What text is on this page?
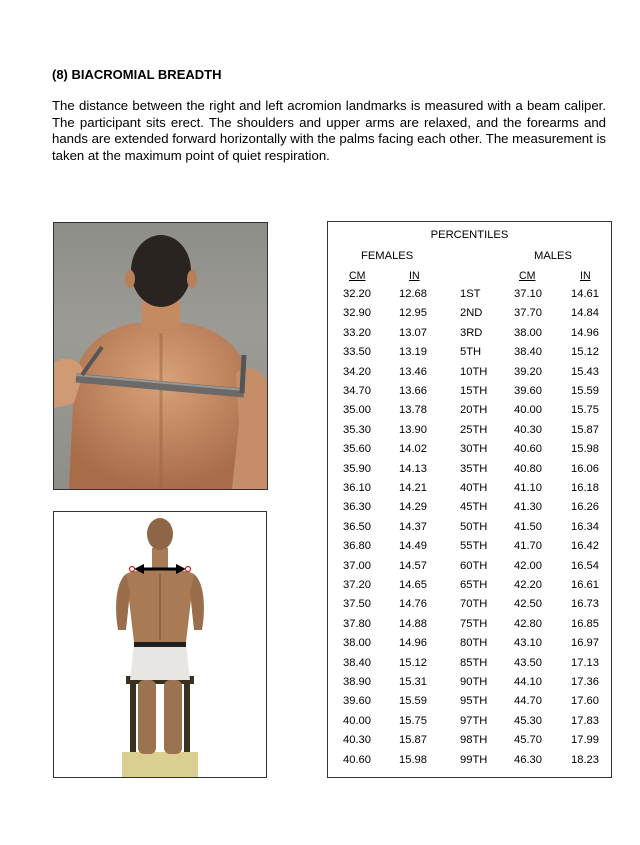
(8) BIACROMIAL BREADTH
The distance between the right and left acromion landmarks is measured with a beam caliper. The participant sits erect. The shoulders and upper arms are relaxed, and the forearms and hands are extended forward horizontally with the palms facing each other. The measurement is taken at the maximum point of quiet respiration.
PERCENTILES
FEMALES	MALES
CM	IN	CM	IN
32.20	12.68	1ST	37.10	14.61
32.90	12.95	2ND	37.70	14.84
33.20	13.07	3RD	38.00	14.96
33.50	13.19	5TH	38.40	15.12
34.20	13.46	10TH 39.20	15.43
34.70	13.66	15TH 39.60	15.59
35.00	13.78	20TH 40.00	15.75
35.30	13.90	25TH 40.30	15.87
35.60	14.02	30TH 40.60	15.98
35.90	14.13	35TH 40.80	16.06
36.10	14.21	40TH 41.10	16.18
36.30	14.29	45TH 41.30	16.26
36.50	14.37	50TH 41.50	16.34
36.80	14.49	55TH 41.70	16.42
37.00	14.57	60TH 42.00	16.54
37.20	14.65	65TH 42.20	16.61
37.50	14.76	70TH 42.50	16.73
37.80	14.88	75TH 42.80	16.85
38.00	14.96	80TH 43.10	16.97
38.40	15.12	85TH 43.50	17.13
38.90	15.31	90TH 44.10	17.36
39.60	15.59	95TH 44.70	17.60
40.00	15.75	97TH 45.30	17.83
40.30	15.87	98TH 45.70	17.99
40.60	15.98	99TH 46.30	18.23
